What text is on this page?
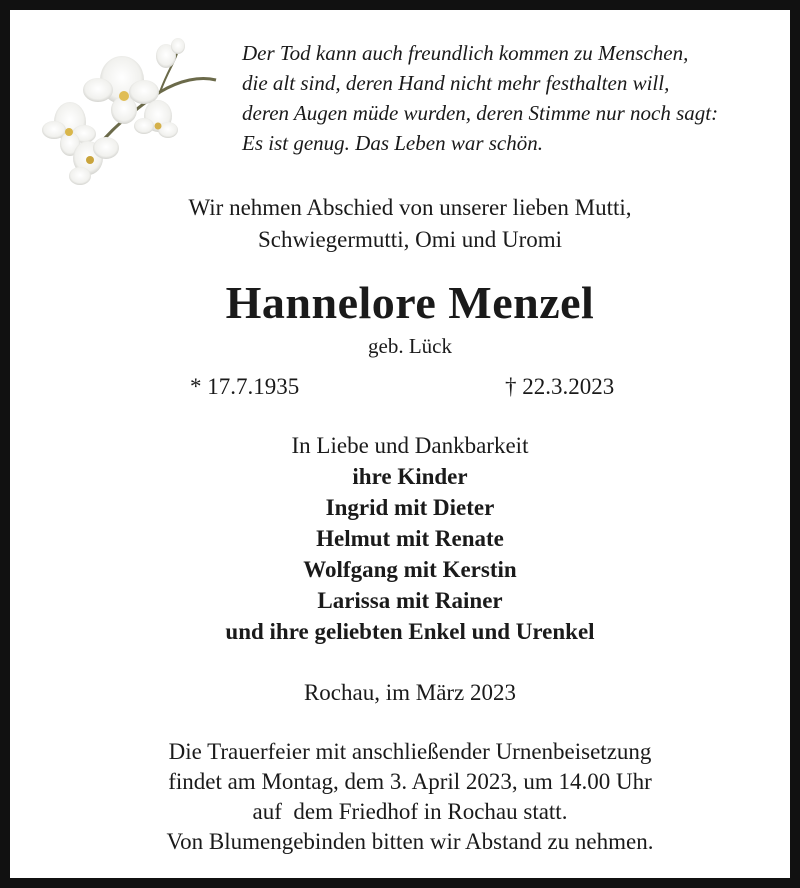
Der Tod kann auch freundlich kommen zu Menschen,
die alt sind, deren Hand nicht mehr festhalten will,
deren Augen müde wurden, deren Stimme nur noch sagt:
Es ist genug. Das Leben war schön.
Wir nehmen Abschied von unserer lieben Mutti,
Schwiegermutti, Omi und Uromi
Hannelore Menzel
geb. Lück
* 17.7.1935	† 22.3.2023
In Liebe und Dankbarkeit
ihre Kinder
Ingrid mit Dieter
Helmut mit Renate
Wolfgang mit Kerstin
Larissa mit Rainer
und ihre geliebten Enkel und Urenkel
Rochau, im März 2023
Die Trauerfeier mit anschließender Urnenbeisetzung
findet am Montag, dem 3. April 2023, um 14.00 Uhr
auf  dem Friedhof in Rochau statt.
Von Blumengebinden bitten wir Abstand zu nehmen.
